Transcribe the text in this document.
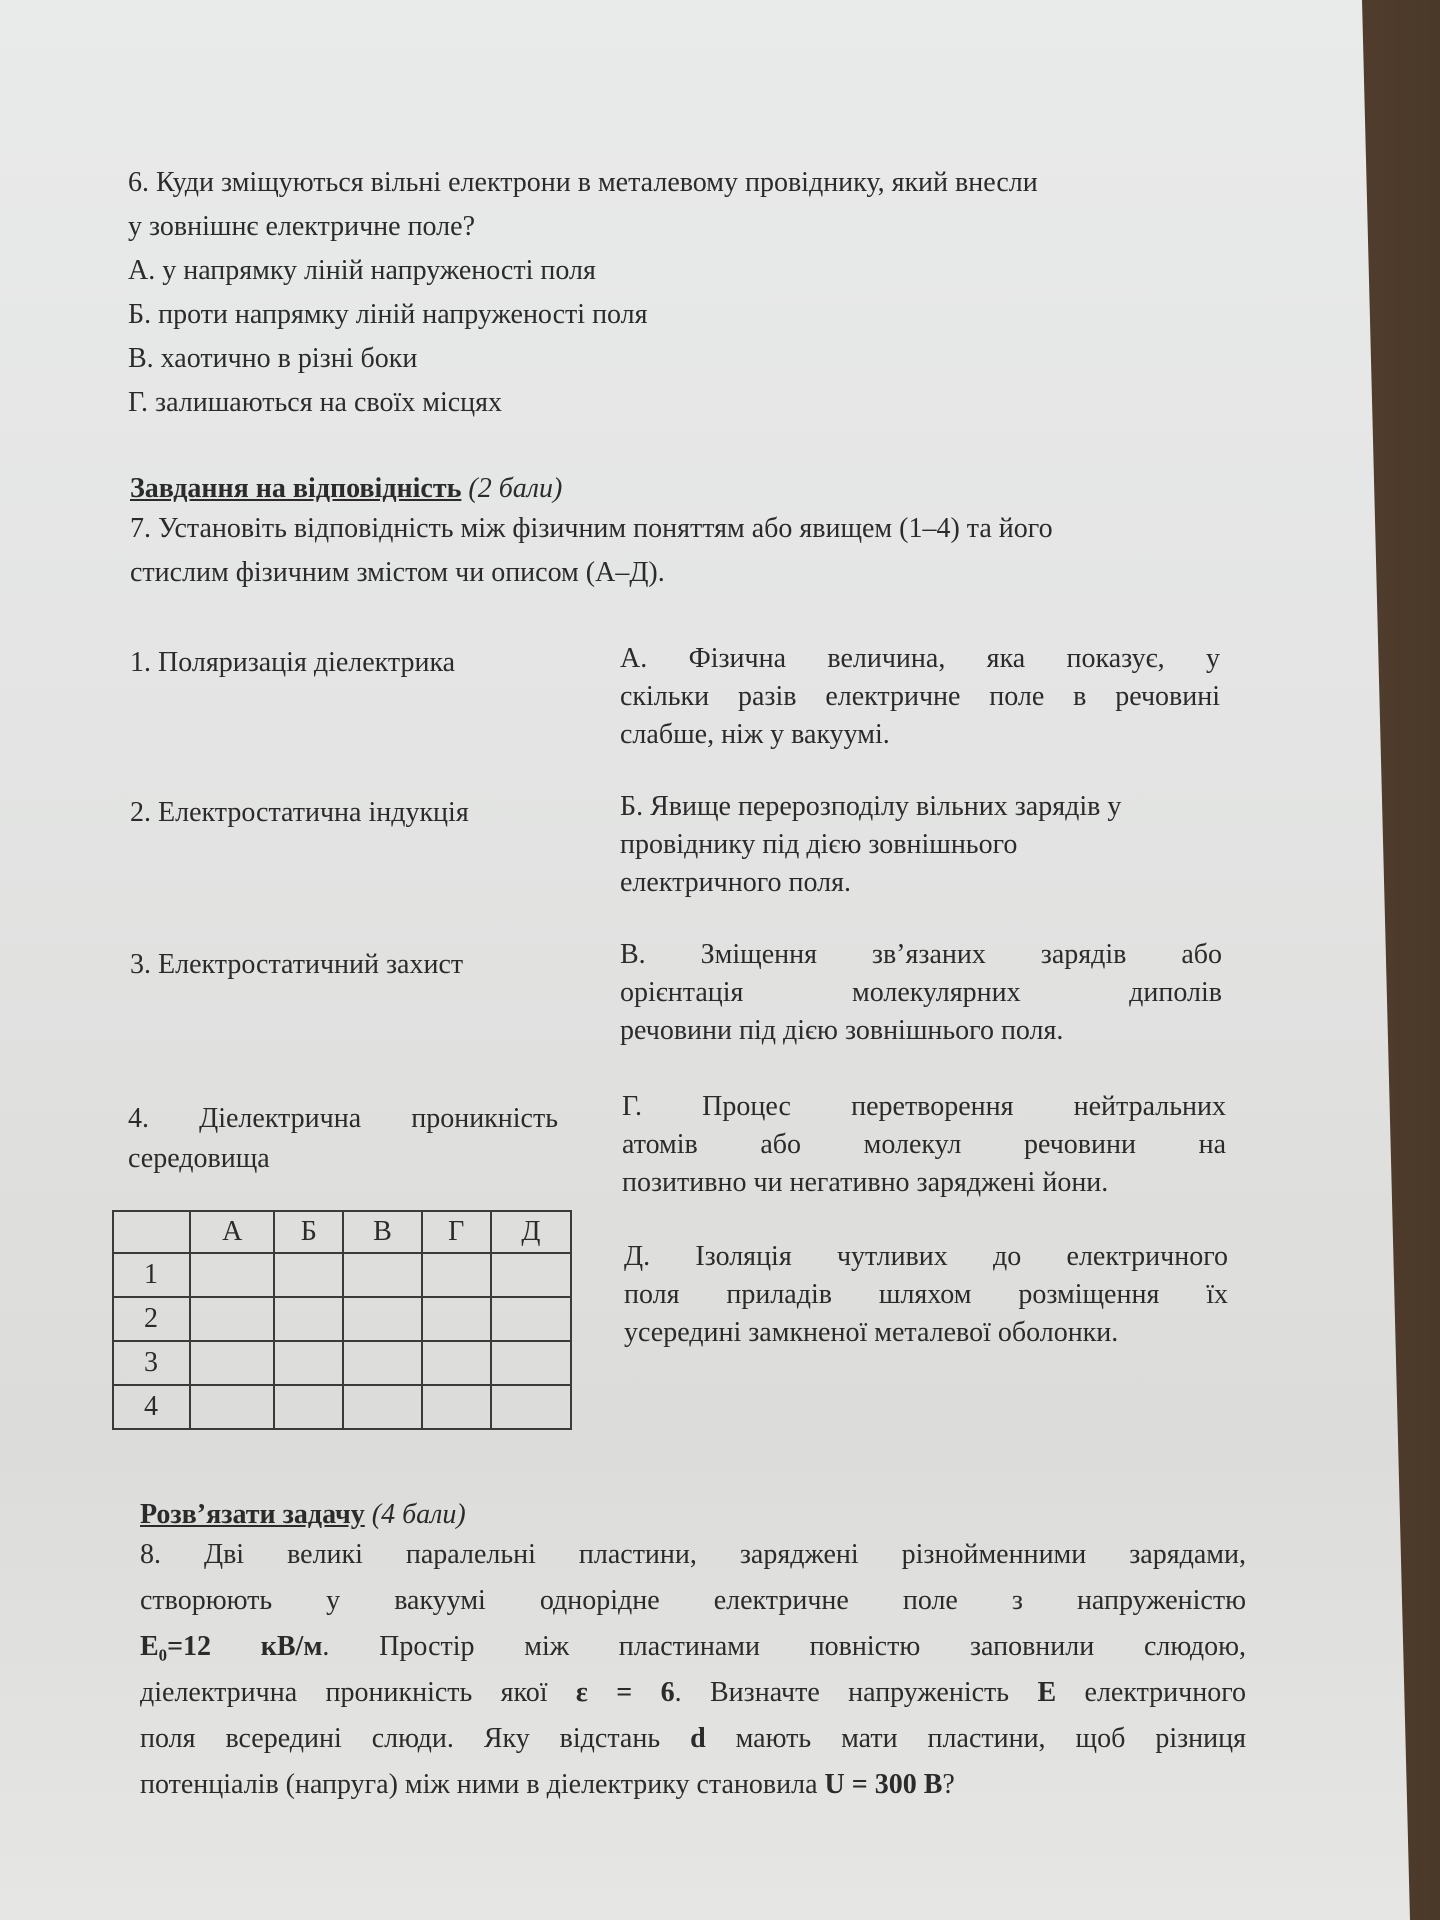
6. Куди зміщуються вільні електрони в металевому провіднику, який внесли
у зовнішнє електричне поле?
А. у напрямку ліній напруженості поля
Б. проти напрямку ліній напруженості поля
В. хаотично в різні боки
Г. залишаються на своїх місцях
Завдання на відповідність (2 бали)
7. Установіть відповідність між фізичним поняттям або явищем (1–4) та його
стислим фізичним змістом чи описом (А–Д).
1. Поляризація діелектрика
2. Електростатична індукція
3. Електростатичний захист
4. Діелектрична проникність
середовища
А. Фізична величина, яка показує, у
скільки разів електричне поле в речовині
слабше, ніж у вакуумі.
Б. Явище перерозподілу вільних зарядів у
провіднику під дією зовнішнього
електричного поля.
В. Зміщення зв’язаних зарядів або
орієнтація молекулярних диполів
речовини під дією зовнішнього поля.
Г. Процес перетворення нейтральних
атомів або молекул речовини на
позитивно чи негативно заряджені йони.
Д. Ізоляція чутливих до електричного
поля приладів шляхом розміщення їх
усередині замкненої металевої оболонки.
	А	Б	В	Г	Д
1					
2					
3					
4					
Розв’язати задачу (4 бали)
8. Дві великі паралельні пластини, заряджені різнойменними зарядами,
створюють у вакуумі однорідне електричне поле з напруженістю
E₀=12 кВ/м. Простір між пластинами повністю заповнили слюдою,
діелектрична проникність якої ε = 6. Визначте напруженість E електричного
поля всередині слюди. Яку відстань d мають мати пластини, щоб різниця
потенціалів (напруга) між ними в діелектрику становила U = 300 В?
